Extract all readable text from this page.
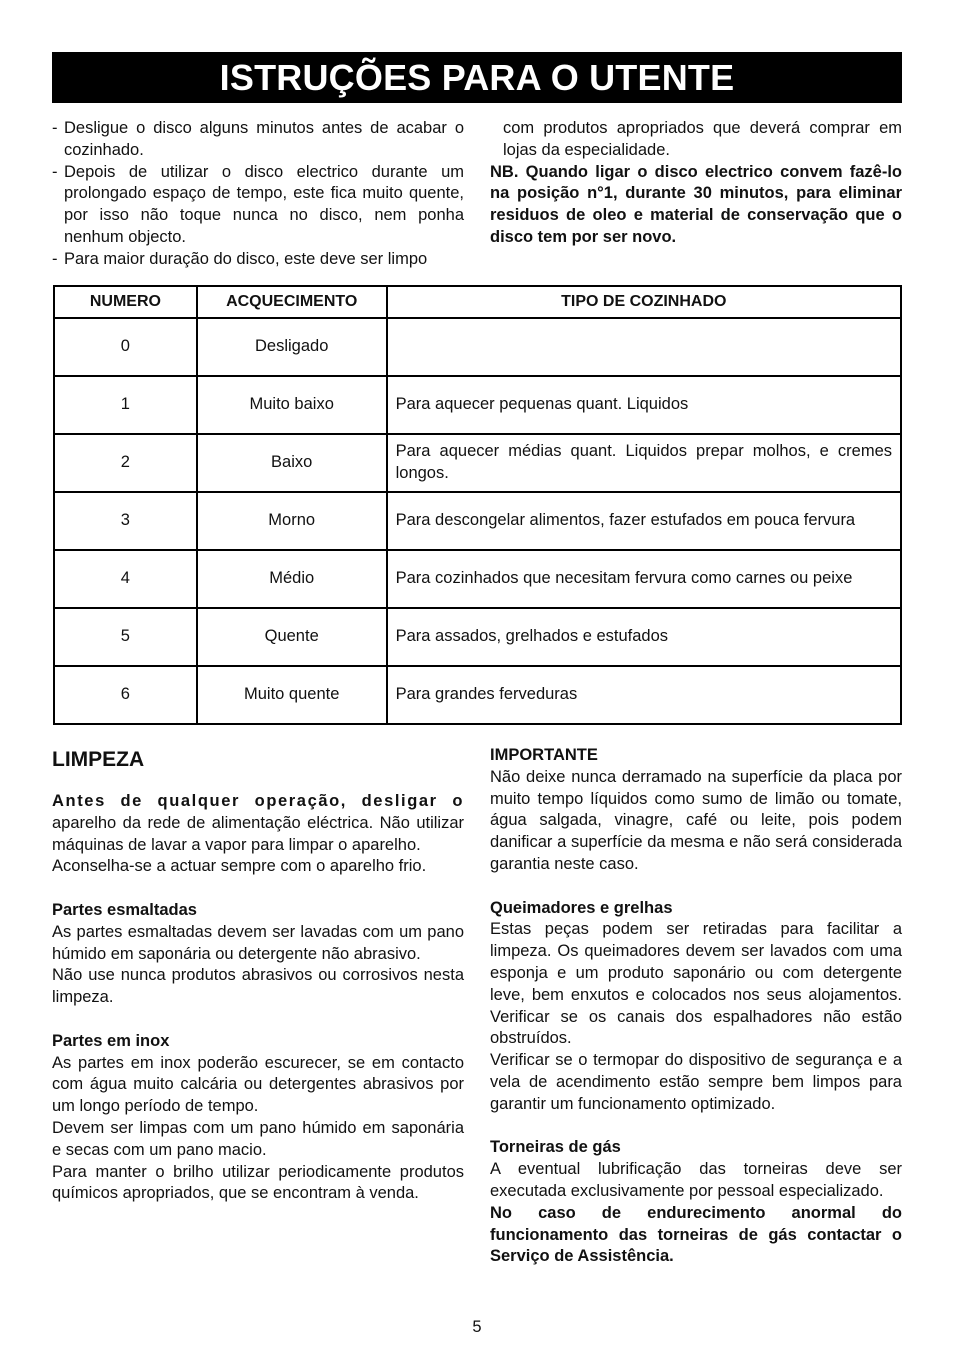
ISTRUÇÕES PARA O UTENTE
- Desligue o disco alguns minutos antes de acabar o cozinhado.
- Depois de utilizar o disco electrico durante um prolongado espaço de tempo, este fica muito quente, por isso não toque nunca no disco, nem ponha nenhum objecto.
- Para maior duração do disco, este deve ser limpo

com produtos apropriados que deverá comprar em lojas da especialidade.

NB. Quando ligar o disco electrico convem fazê-lo na posição n°1, durante 30 minutos, para eliminar residuos de oleo e material de conservação que o disco tem por ser novo.

NUMERO	ACQUECIMENTO	TIPO DE COZINHADO
0	Desligado	
1	Muito baixo	Para aquecer pequenas quant. Liquidos
2	Baixo	Para aquecer médias quant. Liquidos prepar molhos, e cremes longos.
3	Morno	Para descongelar alimentos, fazer estufados em pouca fervura
4	Médio	Para cozinhados que necesitam fervura como carnes ou peixe
5	Quente	Para assados, grelhados e estufados
6	Muito quente	Para grandes ferveduras
LIMPEZA

Antes de qualquer operação, desligar o aparelho da rede de alimentação eléctrica. Não utilizar máquinas de lavar a vapor para limpar o aparelho.

Aconselha-se a actuar sempre com o aparelho frio.

Partes esmaltadas

As partes esmaltadas devem ser lavadas com um pano húmido em saponária ou detergente não abrasivo.

Não use nunca produtos abrasivos ou corrosivos nesta limpeza.

Partes em inox

As partes em inox poderão escurecer, se em contacto com água muito calcária ou detergentes abrasivos por um longo período de tempo.

Devem ser limpas com um pano húmido em saponária e secas com um pano macio.

Para manter o brilho utilizar periodicamente produtos químicos apropriados, que se encontram à venda.

IMPORTANTE

Não deixe nunca derramado na superfície da placa por muito tempo líquidos como sumo de limão ou tomate, água salgada, vinagre, café ou leite, pois podem danificar a superfície da mesma e não será considerada garantia neste caso.

Queimadores e grelhas

Estas peças podem ser retiradas para facilitar a limpeza. Os queimadores devem ser lavados com uma esponja e um produto saponário ou com detergente leve, bem enxutos e colocados nos seus alojamentos. Verificar se os canais dos espalhadores não estão obstruídos.

Verificar se o termopar do dispositivo de segurança e a vela de acendimento estão sempre bem limpos para garantir um funcionamento optimizado.

Torneiras de gás

A eventual lubrificação das torneiras deve ser executada exclusivamente por pessoal especializado.

No caso de endurecimento anormal do funcionamento das torneiras de gás contactar o Serviço de Assistência.

5
